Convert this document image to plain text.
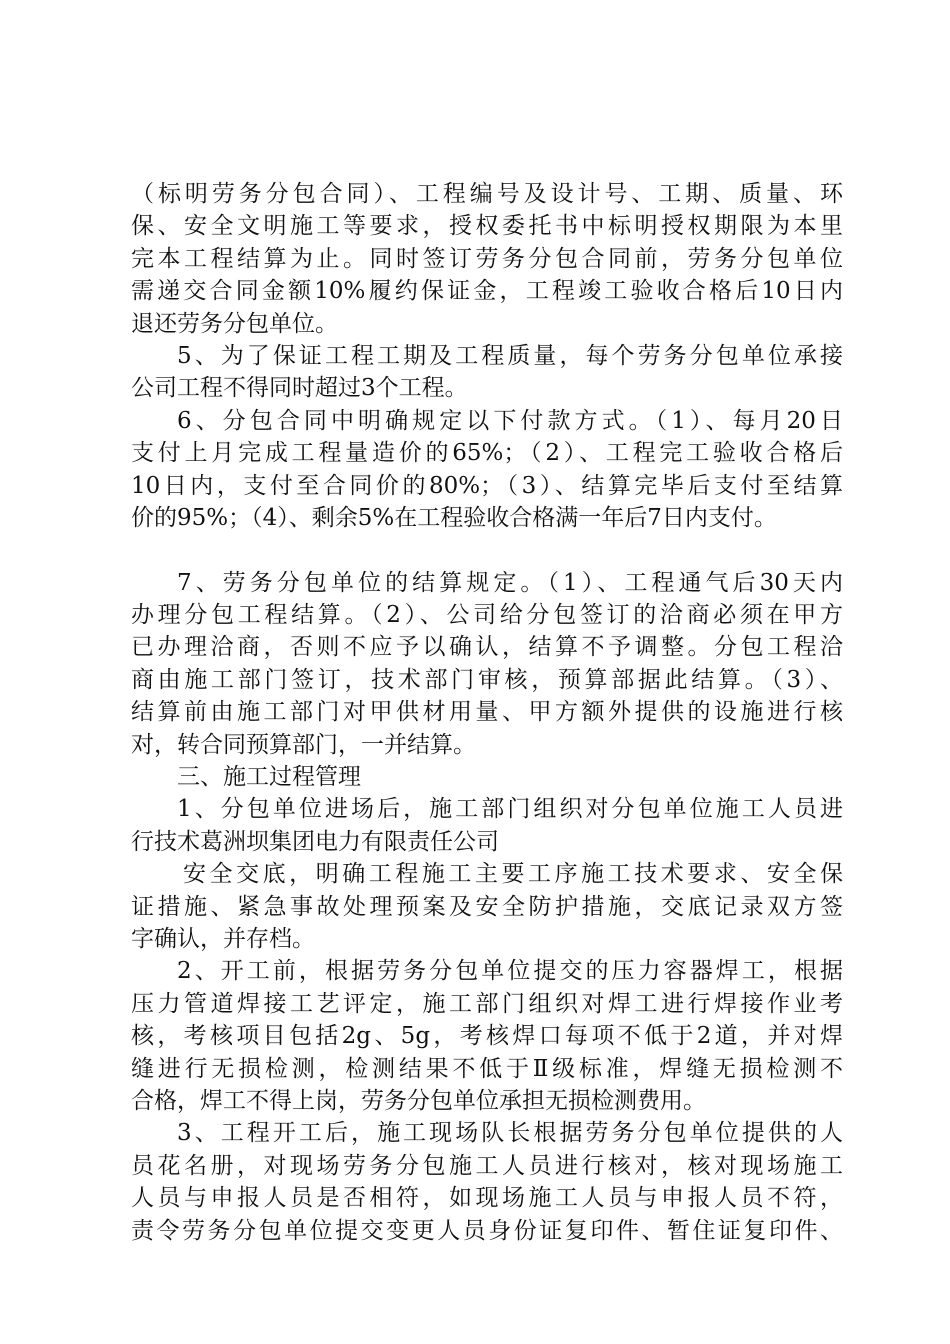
（标明劳务分包合同）、工程编号及设计号、工期、质量、环
保、安全文明施工等要求，授权委托书中标明授权期限为本里
完本工程结算为止。同时签订劳务分包合同前，劳务分包单位
需递交合同金额10%履约保证金，工程竣工验收合格后10日内
退还劳务分包单位。
5、为了保证工程工期及工程质量，每个劳务分包单位承接
公司工程不得同时超过3个工程。
6、分包合同中明确规定以下付款方式。（1）、每月20日
支付上月完成工程量造价的65%；（2）、工程完工验收合格后
10日内，支付至合同价的80%；（3）、结算完毕后支付至结算
价的95%；（4）、剩余5%在工程验收合格满一年后7日内支付。
7、劳务分包单位的结算规定。（1）、工程通气后30天内
办理分包工程结算。（2）、公司给分包签订的洽商必须在甲方
已办理洽商，否则不应予以确认，结算不予调整。分包工程洽
商由施工部门签订，技术部门审核，预算部据此结算。（3）、
结算前由施工部门对甲供材用量、甲方额外提供的设施进行核
对，转合同预算部门，一并结算。
三、施工过程管理
1、分包单位进场后，施工部门组织对分包单位施工人员进
行技术葛洲坝集团电力有限责任公司
安全交底，明确工程施工主要工序施工技术要求、安全保
证措施、紧急事故处理预案及安全防护措施，交底记录双方签
字确认，并存档。
2、开工前，根据劳务分包单位提交的压力容器焊工，根据
压力管道焊接工艺评定，施工部门组织对焊工进行焊接作业考
核，考核项目包括2g、5g，考核焊口每项不低于2道，并对焊
缝进行无损检测，检测结果不低于Ⅱ级标准，焊缝无损检测不
合格，焊工不得上岗，劳务分包单位承担无损检测费用。
3、工程开工后，施工现场队长根据劳务分包单位提供的人
员花名册，对现场劳务分包施工人员进行核对，核对现场施工
人员与申报人员是否相符，如现场施工人员与申报人员不符，
责令劳务分包单位提交变更人员身份证复印件、暂住证复印件、
